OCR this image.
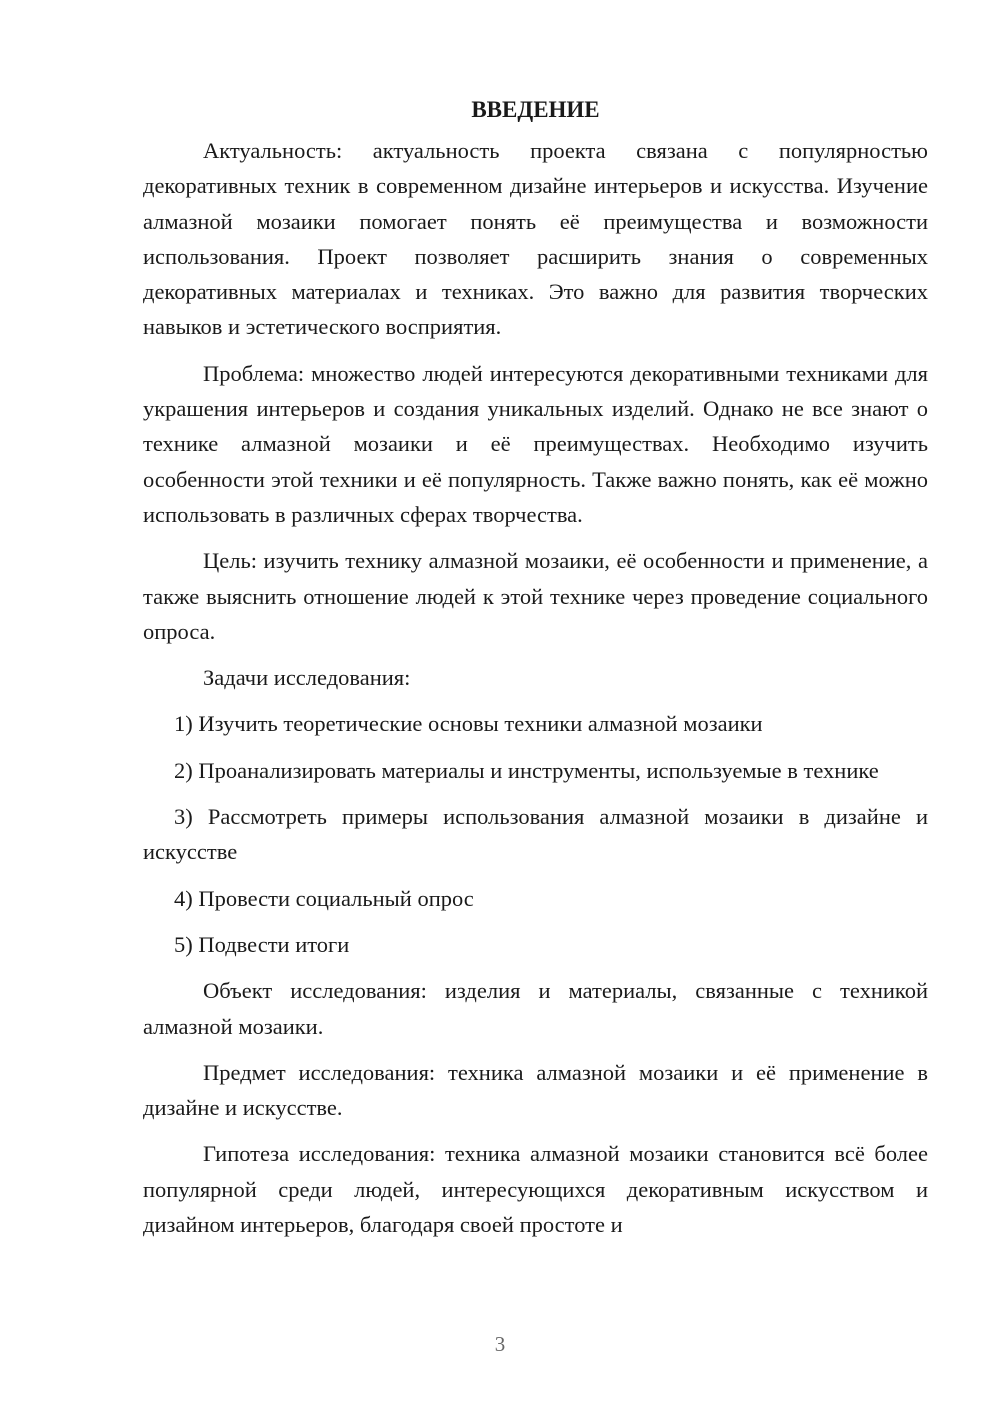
ВВЕДЕНИЕ

Актуальность: актуальность проекта связана с популярностью декоративных техник в современном дизайне интерьеров и искусства. Изучение алмазной мозаики помогает понять её преимущества и возможности использования. Проект позволяет расширить знания о современных декоративных материалах и техниках. Это важно для развития творческих навыков и эстетического восприятия.

Проблема: множество людей интересуются декоративными техниками для украшения интерьеров и создания уникальных изделий. Однако не все знают о технике алмазной мозаики и её преимуществах. Необходимо изучить особенности этой техники и её популярность. Также важно понять, как её можно использовать в различных сферах творчества.

Цель: изучить технику алмазной мозаики, её особенности и применение, а также выяснить отношение людей к этой технике через проведение социального опроса.

Задачи исследования:

1) Изучить теоретические основы техники алмазной мозаики

2) Проанализировать материалы и инструменты, используемые в технике

3) Рассмотреть примеры использования алмазной мозаики в дизайне и искусстве

4) Провести социальный опрос

5) Подвести итоги

Объект исследования: изделия и материалы, связанные с техникой алмазной мозаики.

Предмет исследования: техника алмазной мозаики и её применение в дизайне и искусстве.

Гипотеза исследования: техника алмазной мозаики становится всё более популярной среди людей, интересующихся декоративным искусством и дизайном интерьеров, благодаря своей простоте и

3
